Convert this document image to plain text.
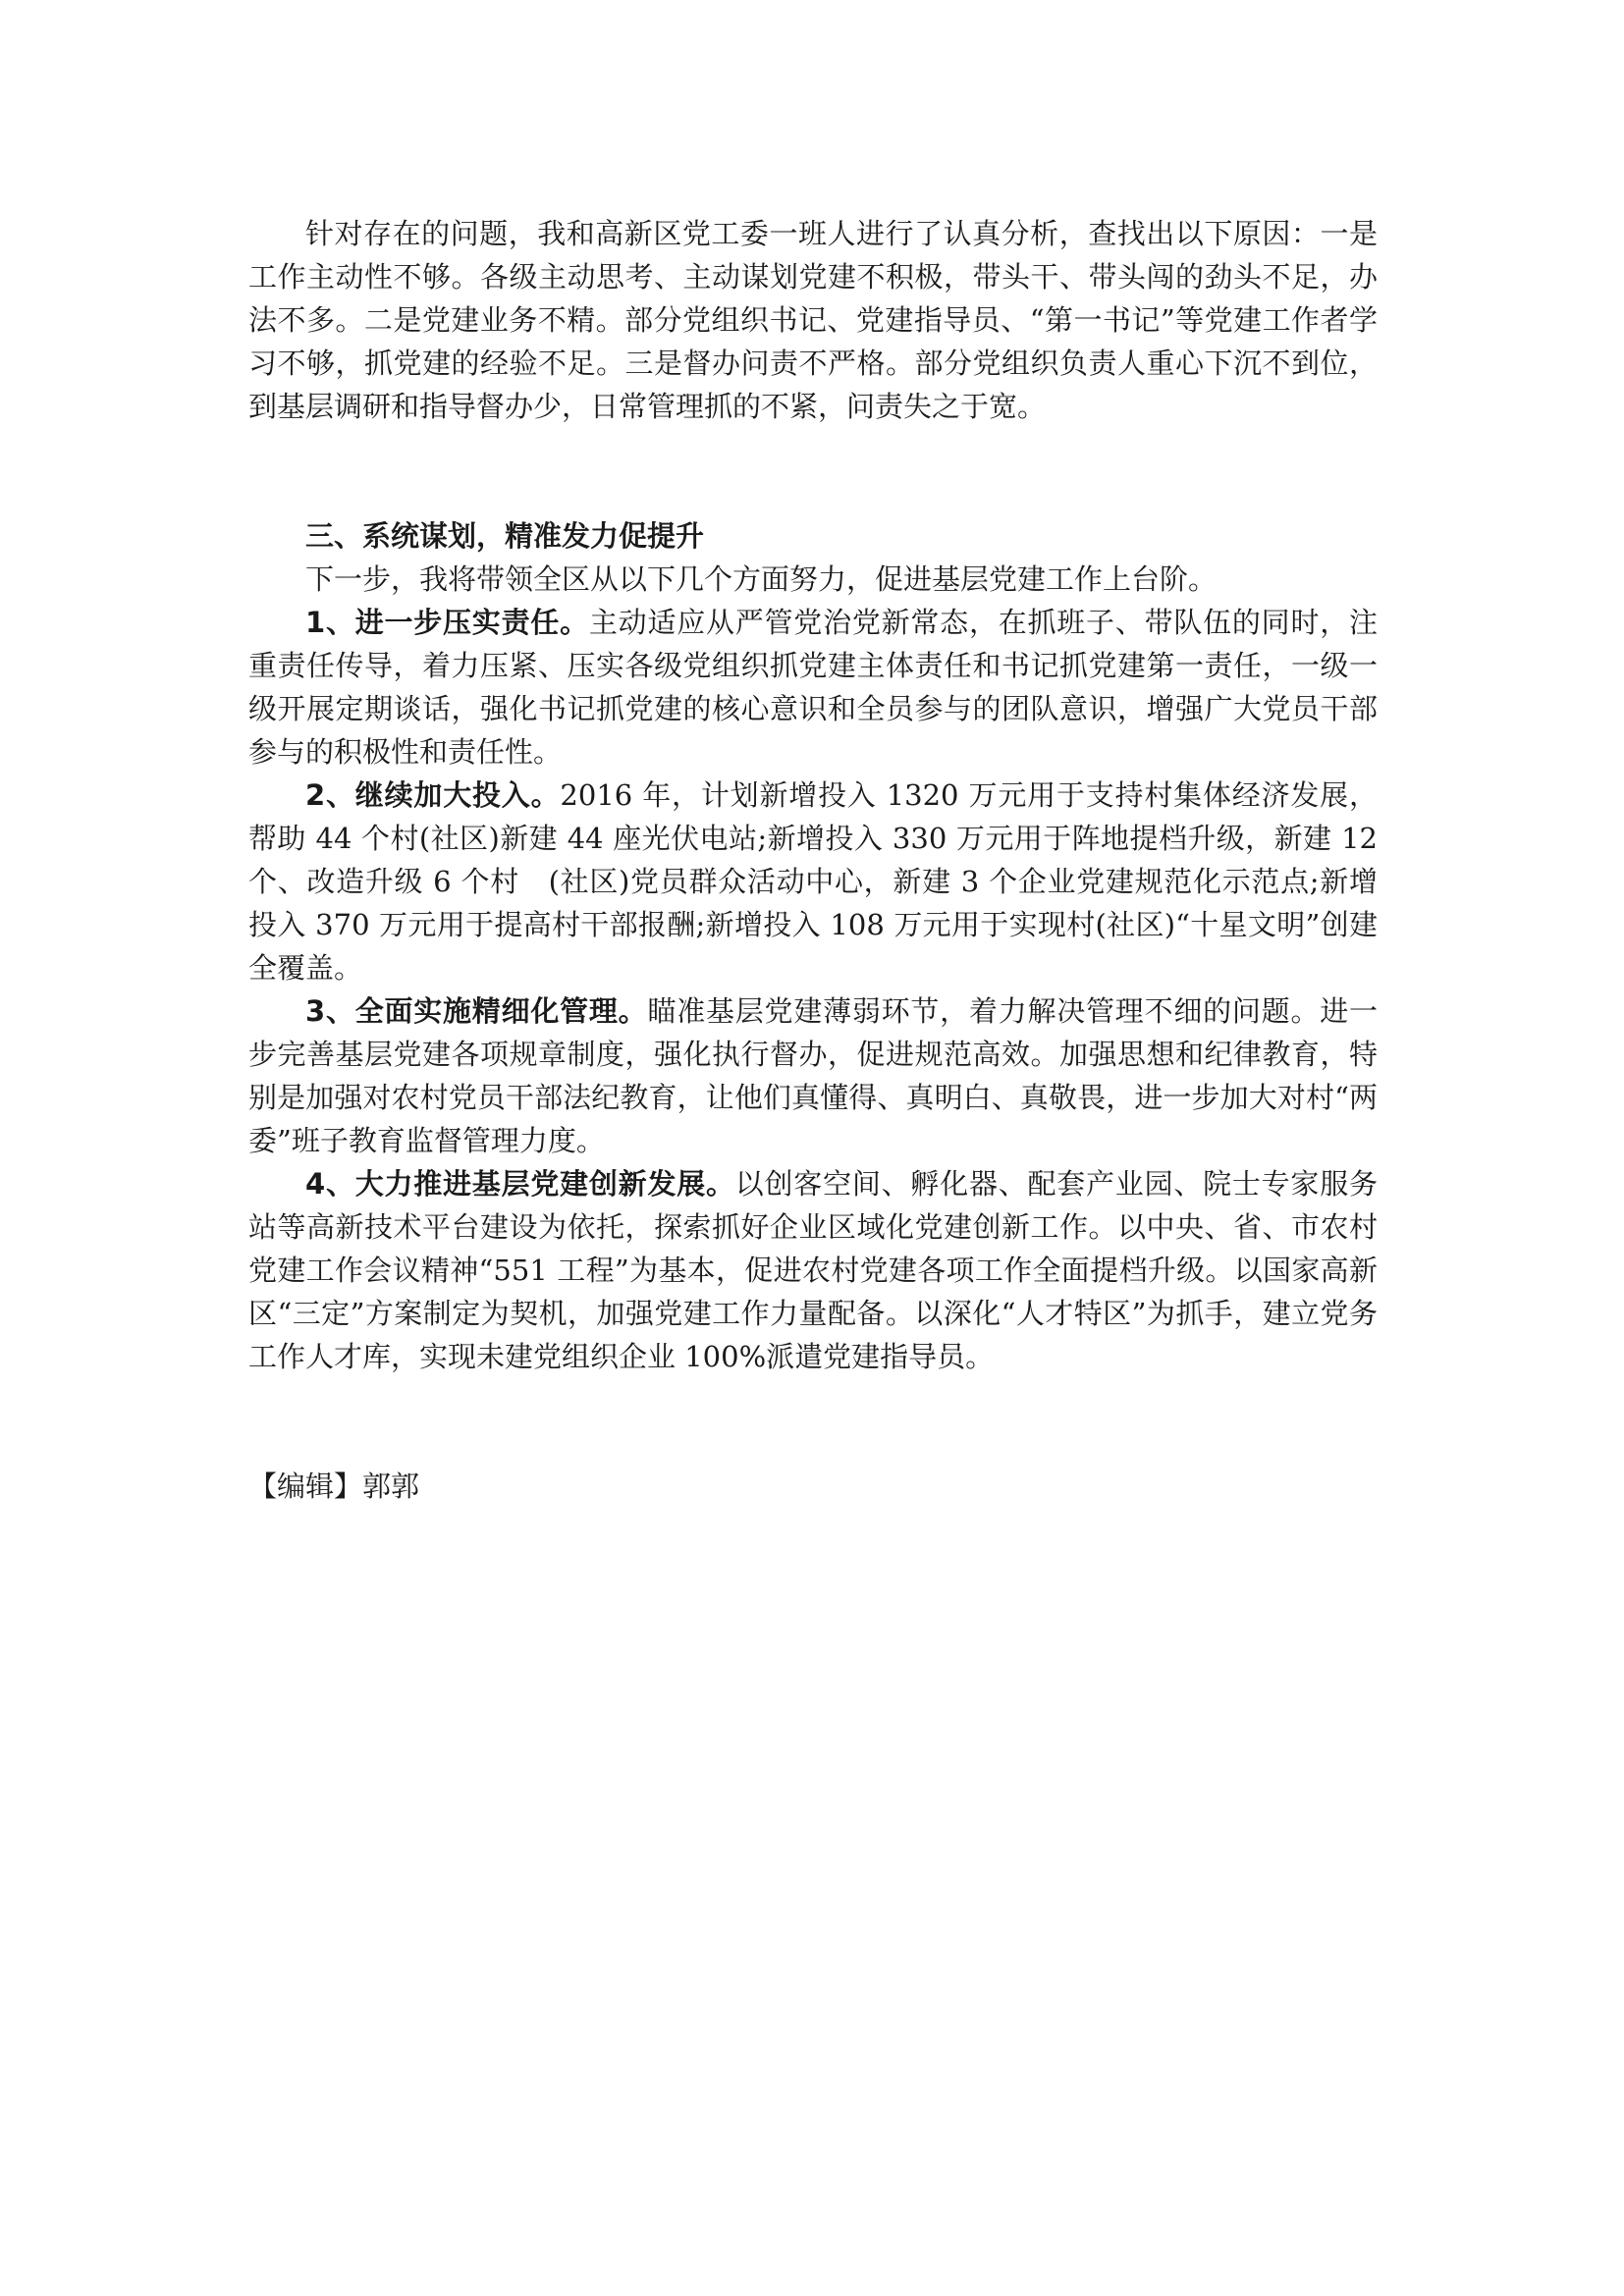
针对存在的问题，我和高新区党工委一班人进行了认真分析，查找出以下原因：一是工作主动性不够。各级主动思考、主动谋划党建不积极，带头干、带头闯的劲头不足，办法不多。二是党建业务不精。部分党组织书记、党建指导员、“第一书记”等党建工作者学习不够，抓党建的经验不足。三是督办问责不严格。部分党组织负责人重心下沉不到位，到基层调研和指导督办少，日常管理抓的不紧，问责失之于宽。

三、系统谋划，精准发力促提升

下一步，我将带领全区从以下几个方面努力，促进基层党建工作上台阶。

1、进一步压实责任。主动适应从严管党治党新常态，在抓班子、带队伍的同时，注重责任传导，着力压紧、压实各级党组织抓党建主体责任和书记抓党建第一责任，一级一级开展定期谈话，强化书记抓党建的核心意识和全员参与的团队意识，增强广大党员干部参与的积极性和责任性。

2、继续加大投入。2016 年，计划新增投入 1320 万元用于支持村集体经济发展，帮助 44 个村(社区)新建 44 座光伏电站;新增投入 330 万元用于阵地提档升级，新建 12 个、改造升级 6 个村　(社区)党员群众活动中心，新建 3 个企业党建规范化示范点;新增投入 370 万元用于提高村干部报酬;新增投入 108 万元用于实现村(社区)“十星文明”创建全覆盖。

3、全面实施精细化管理。瞄准基层党建薄弱环节，着力解决管理不细的问题。进一步完善基层党建各项规章制度，强化执行督办，促进规范高效。加强思想和纪律教育，特别是加强对农村党员干部法纪教育，让他们真懂得、真明白、真敬畏，进一步加大对村“两委”班子教育监督管理力度。

4、大力推进基层党建创新发展。以创客空间、孵化器、配套产业园、院士专家服务站等高新技术平台建设为依托，探索抓好企业区域化党建创新工作。以中央、省、市农村党建工作会议精神“551 工程”为基本，促进农村党建各项工作全面提档升级。以国家高新区“三定”方案制定为契机，加强党建工作力量配备。以深化“人才特区”为抓手，建立党务工作人才库，实现未建党组织企业 100%派遣党建指导员。

【编辑】郭郭
